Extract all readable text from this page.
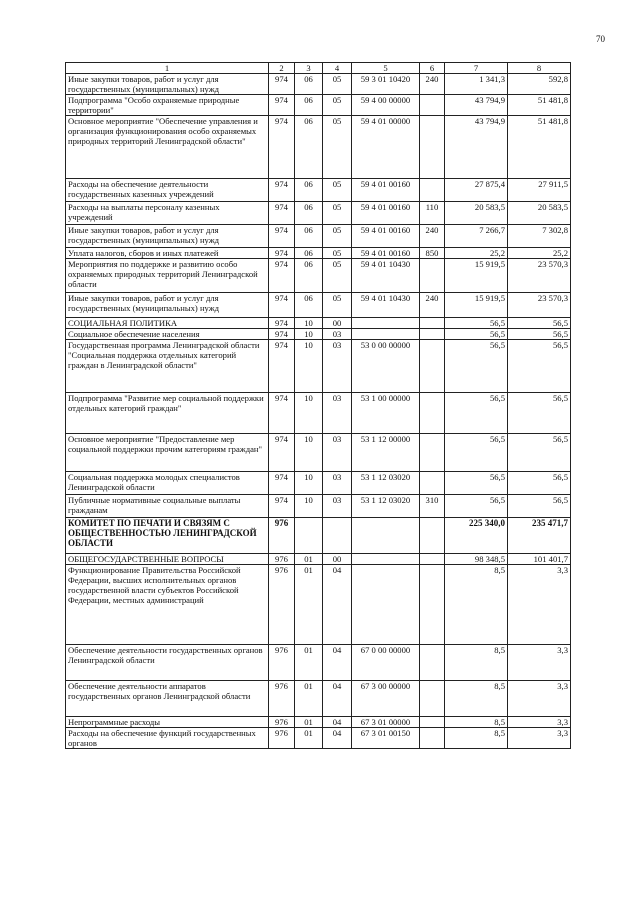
70
1	2	3	4	5	6	7	8
Иные закупки товаров, работ и услуг для государственных (муниципальных) нужд	974	06	05	59 3 01 10420	240	1 341,3	592,8
Подпрограмма "Особо охраняемые природные территории"	974	06	05	59 4 00 00000		43 794,9	51 481,8
Основное мероприятие "Обеспечение управления и организация функционирования особо охраняемых природных территорий Ленинградской области"	974	06	05	59 4 01 00000		43 794,9	51 481,8
Расходы на обеспечение деятельности государственных казенных учреждений	974	06	05	59 4 01 00160		27 875,4	27 911,5
Расходы на выплаты персоналу казенных учреждений	974	06	05	59 4 01 00160	110	20 583,5	20 583,5
Иные закупки товаров, работ и услуг для государственных (муниципальных) нужд	974	06	05	59 4 01 00160	240	7 266,7	7 302,8
Уплата налогов, сборов и иных платежей	974	06	05	59 4 01 00160	850	25,2	25,2
Мероприятия по поддержке и развитию особо охраняемых природных территорий Ленинградской области	974	06	05	59 4 01 10430		15 919,5	23 570,3
Иные закупки товаров, работ и услуг для государственных (муниципальных) нужд	974	06	05	59 4 01 10430	240	15 919,5	23 570,3
СОЦИАЛЬНАЯ ПОЛИТИКА	974	10	00			56,5	56,5
Социальное обеспечение населения	974	10	03			56,5	56,5
Государственная программа Ленинградской области "Социальная поддержка отдельных категорий граждан в Ленинградской области"	974	10	03	53 0 00 00000		56,5	56,5
Подпрограмма "Развитие мер социальной поддержки отдельных категорий граждан"	974	10	03	53 1 00 00000		56,5	56,5
Основное мероприятие "Предоставление мер социальной поддержки прочим категориям граждан"	974	10	03	53 1 12 00000		56,5	56,5
Социальная поддержка молодых специалистов Ленинградской области	974	10	03	53 1 12 03020		56,5	56,5
Публичные нормативные социальные выплаты гражданам	974	10	03	53 1 12 03020	310	56,5	56,5
КОМИТЕТ ПО ПЕЧАТИ И СВЯЗЯМ С ОБЩЕСТВЕННОСТЬЮ ЛЕНИНГРАДСКОЙ ОБЛАСТИ	976					225 340,0	235 471,7
ОБЩЕГОСУДАРСТВЕННЫЕ ВОПРОСЫ	976	01	00			98 348,5	101 401,7
Функционирование Правительства Российской Федерации, высших исполнительных органов государственной власти субъектов Российской Федерации, местных администраций	976	01	04			8,5	3,3
Обеспечение деятельности государственных органов Ленинградской области	976	01	04	67 0 00 00000		8,5	3,3
Обеспечение деятельности аппаратов государственных органов Ленинградской области	976	01	04	67 3 00 00000		8,5	3,3
Непрограммные расходы	976	01	04	67 3 01 00000		8,5	3,3
Расходы на обеспечение функций государственных органов	976	01	04	67 3 01 00150		8,5	3,3
